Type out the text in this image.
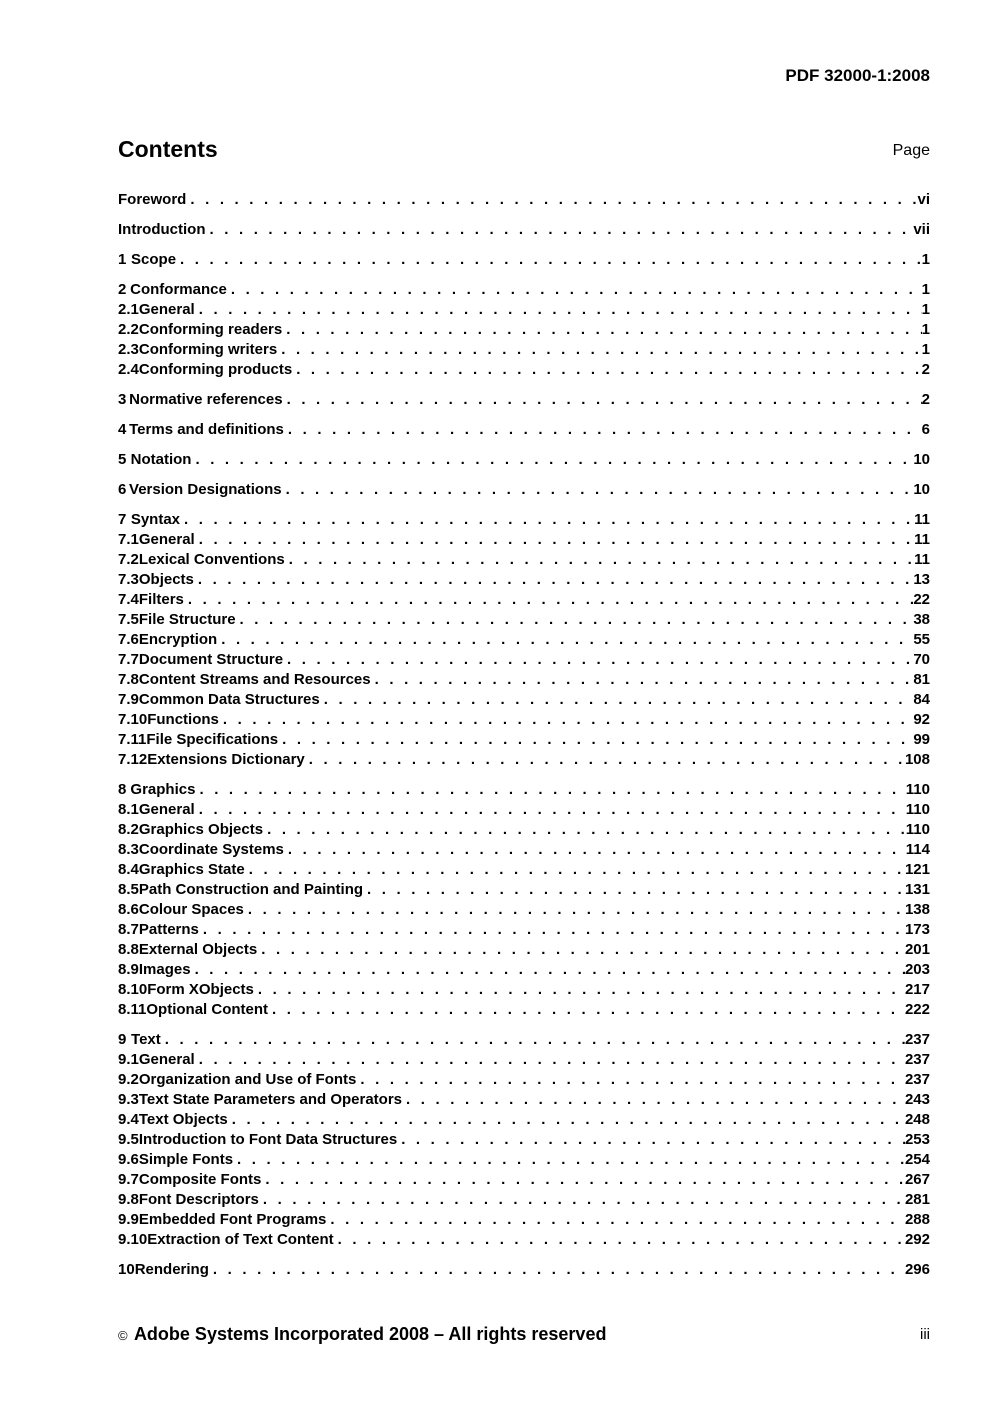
PDF 32000-1:2008
Contents	Page
Foreword . . .	vi
Introduction . . .	vii
1 Scope . . .	1
2 Conformance . . .	1
2.1 General . . .	1
2.2 Conforming readers . . .	1
2.3 Conforming writers . . .	1
2.4 Conforming products . . .	2
3 Normative references . . .	2
4 Terms and definitions . . .	6
5 Notation . . .	10
6 Version Designations . . .	10
7 Syntax . . .	11
7.1 General . . .	11
7.2 Lexical Conventions . . .	11
7.3 Objects . . .	13
7.4 Filters . . .	22
7.5 File Structure . . .	38
7.6 Encryption . . .	55
7.7 Document Structure . . .	70
7.8 Content Streams and Resources . . .	81
7.9 Common Data Structures . . .	84
7.10 Functions . . .	92
7.11 File Specifications . . .	99
7.12 Extensions Dictionary . . .	108
8 Graphics . . .	110
8.1 General . . .	110
8.2 Graphics Objects . . .	110
8.3 Coordinate Systems . . .	114
8.4 Graphics State . . .	121
8.5 Path Construction and Painting . . .	131
8.6 Colour Spaces . . .	138
8.7 Patterns . . .	173
8.8 External Objects . . .	201
8.9 Images . . .	203
8.10 Form XObjects . . .	217
8.11 Optional Content . . .	222
9 Text . . .	237
9.1 General . . .	237
9.2 Organization and Use of Fonts . . .	237
9.3 Text State Parameters and Operators . . .	243
9.4 Text Objects . . .	248
9.5 Introduction to Font Data Structures . . .	253
9.6 Simple Fonts . . .	254
9.7 Composite Fonts . . .	267
9.8 Font Descriptors . . .	281
9.9 Embedded Font Programs . . .	288
9.10 Extraction of Text Content . . .	292
10 Rendering . . .	296
© Adobe Systems Incorporated 2008 – All rights reserved	iii
